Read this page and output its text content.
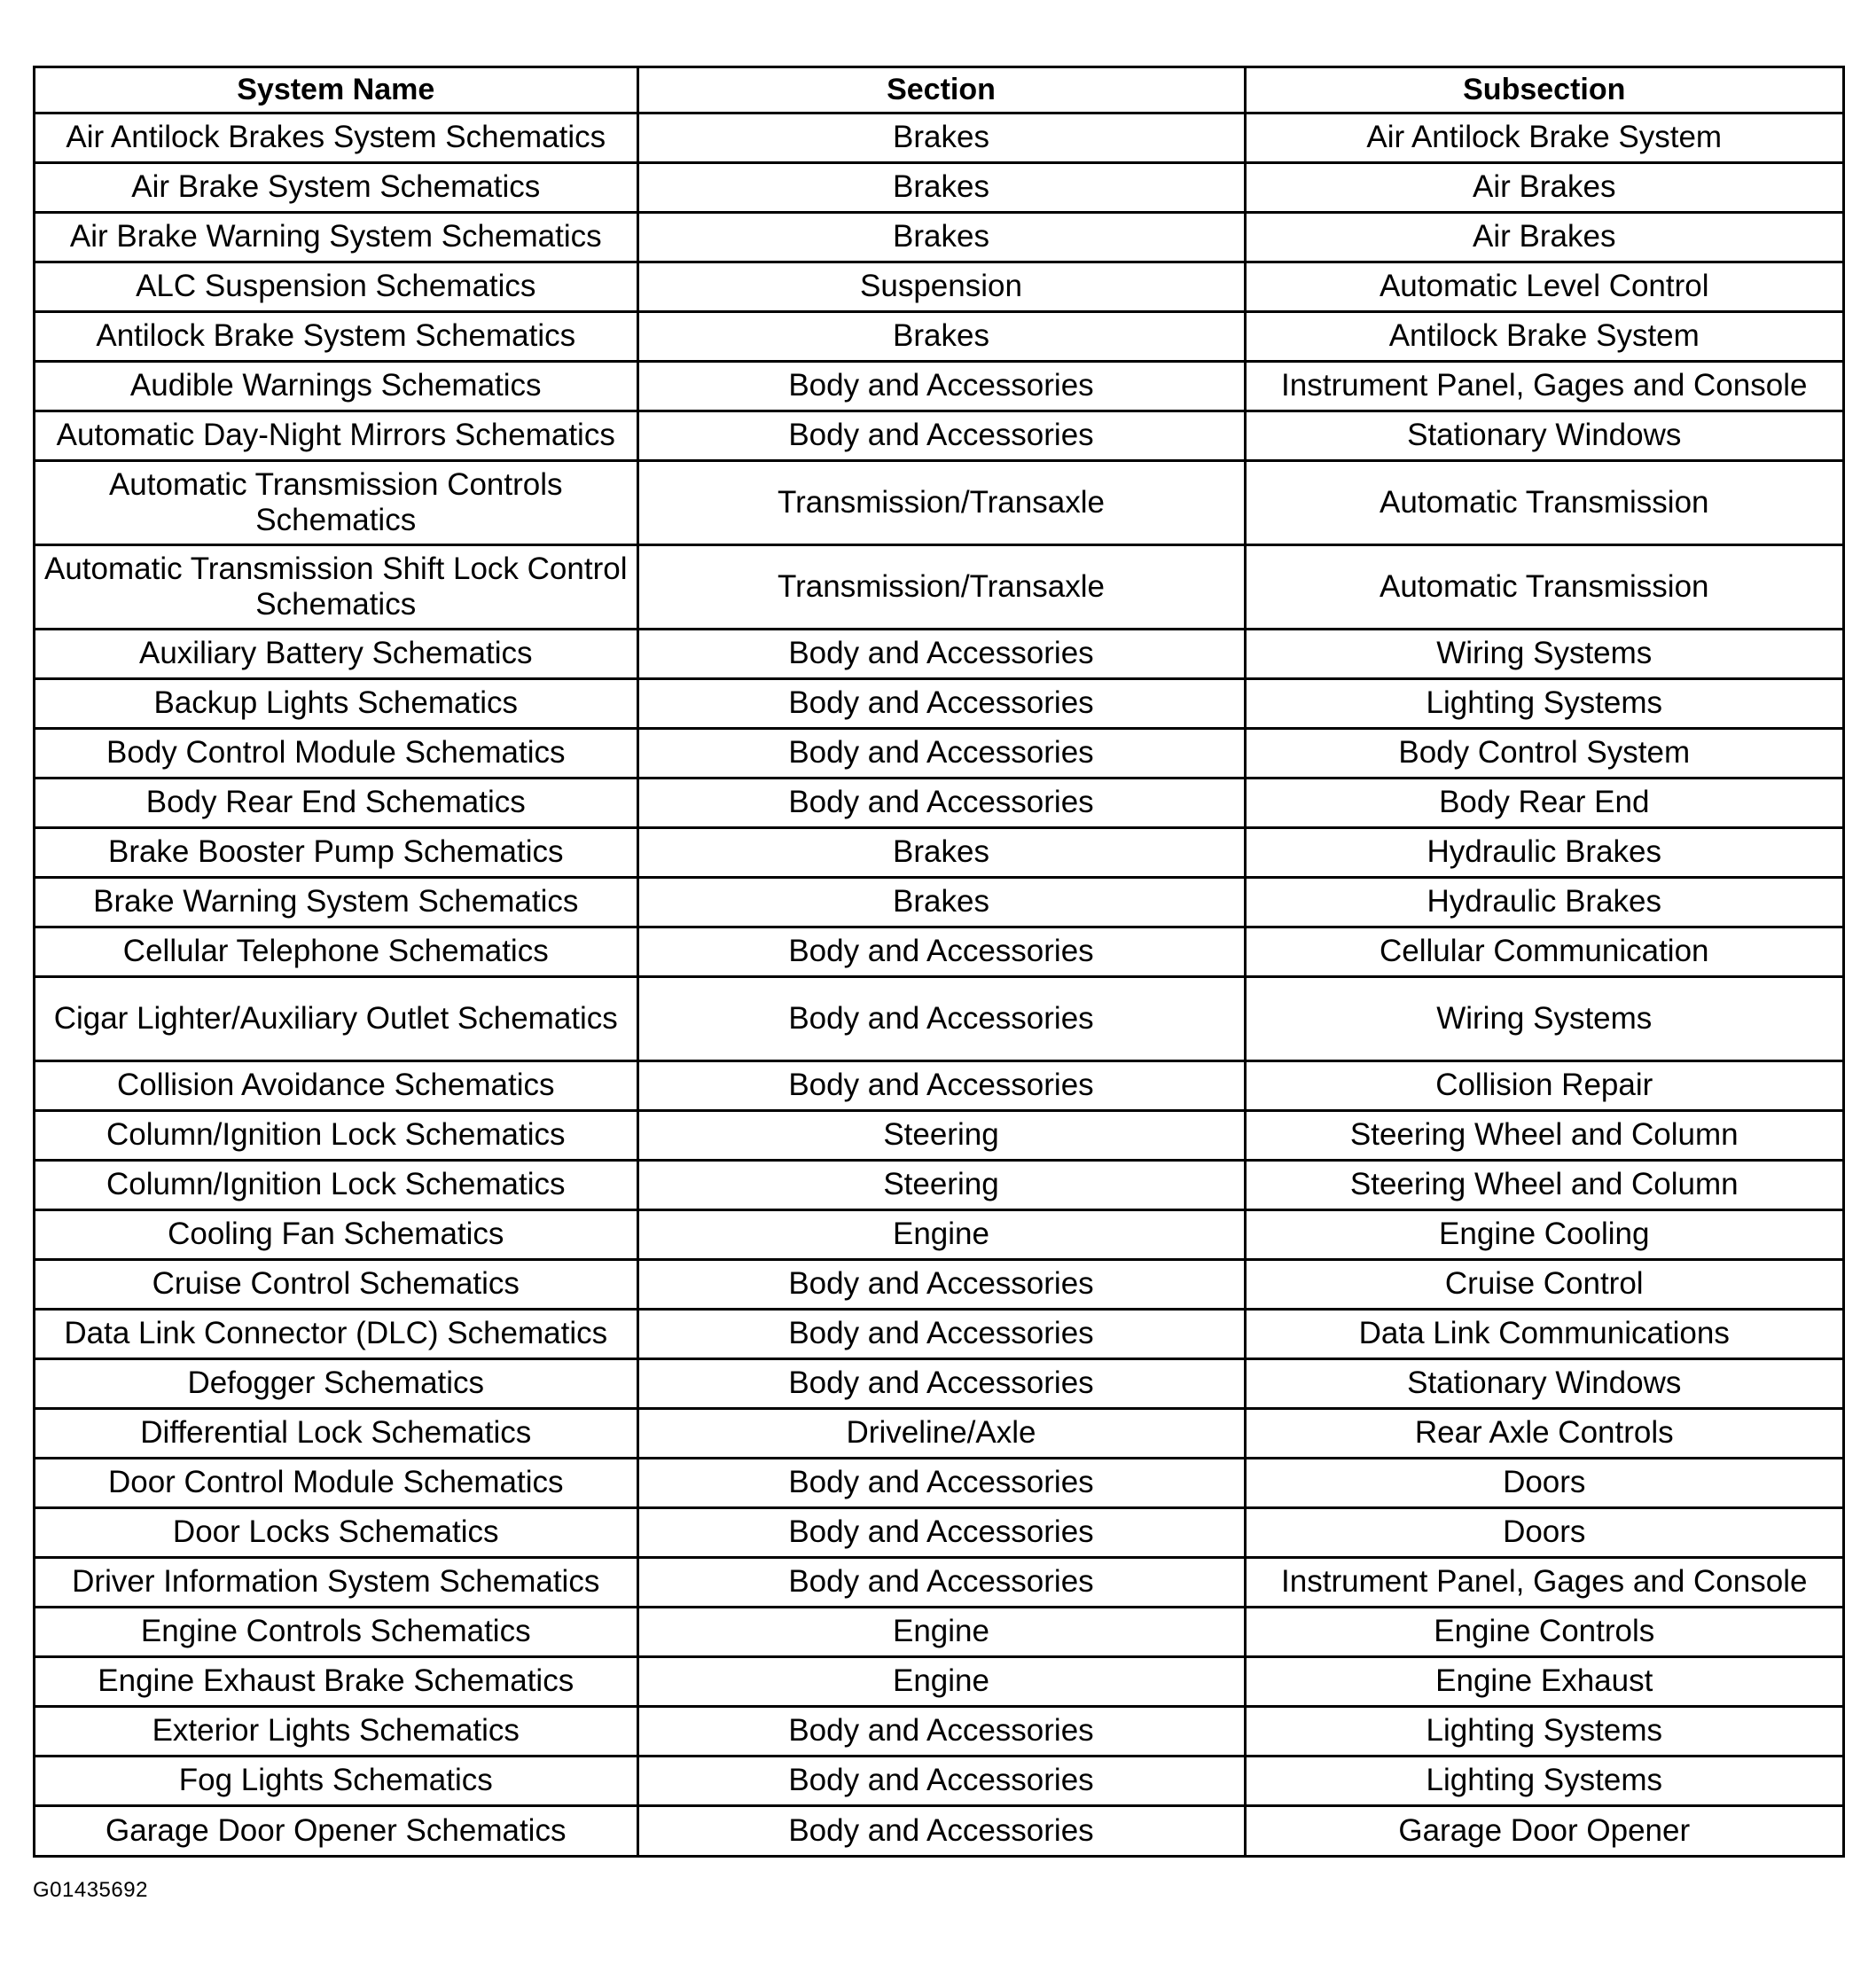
System Name	Section	Subsection
Air Antilock Brakes System Schematics	Brakes	Air Antilock Brake System
Air Brake System Schematics	Brakes	Air Brakes
Air Brake Warning System Schematics	Brakes	Air Brakes
ALC Suspension Schematics	Suspension	Automatic Level Control
Antilock Brake System Schematics	Brakes	Antilock Brake System
Audible Warnings Schematics	Body and Accessories	Instrument Panel, Gages and Console
Automatic Day-Night Mirrors Schematics	Body and Accessories	Stationary Windows
Automatic Transmission Controls Schematics	Transmission/Transaxle	Automatic Transmission
Automatic Transmission Shift Lock Control Schematics	Transmission/Transaxle	Automatic Transmission
Auxiliary Battery Schematics	Body and Accessories	Wiring Systems
Backup Lights Schematics	Body and Accessories	Lighting Systems
Body Control Module Schematics	Body and Accessories	Body Control System
Body Rear End Schematics	Body and Accessories	Body Rear End
Brake Booster Pump Schematics	Brakes	Hydraulic Brakes
Brake Warning System Schematics	Brakes	Hydraulic Brakes
Cellular Telephone Schematics	Body and Accessories	Cellular Communication
Cigar Lighter/Auxiliary Outlet Schematics	Body and Accessories	Wiring Systems
Collision Avoidance Schematics	Body and Accessories	Collision Repair
Column/Ignition Lock Schematics	Steering	Steering Wheel and Column
Column/Ignition Lock Schematics	Steering	Steering Wheel and Column
Cooling Fan Schematics	Engine	Engine Cooling
Cruise Control Schematics	Body and Accessories	Cruise Control
Data Link Connector (DLC) Schematics	Body and Accessories	Data Link Communications
Defogger Schematics	Body and Accessories	Stationary Windows
Differential Lock Schematics	Driveline/Axle	Rear Axle Controls
Door Control Module Schematics	Body and Accessories	Doors
Door Locks Schematics	Body and Accessories	Doors
Driver Information System Schematics	Body and Accessories	Instrument Panel, Gages and Console
Engine Controls Schematics	Engine	Engine Controls
Engine Exhaust Brake Schematics	Engine	Engine Exhaust
Exterior Lights Schematics	Body and Accessories	Lighting Systems
Fog Lights Schematics	Body and Accessories	Lighting Systems
Garage Door Opener Schematics	Body and Accessories	Garage Door Opener
G01435692
